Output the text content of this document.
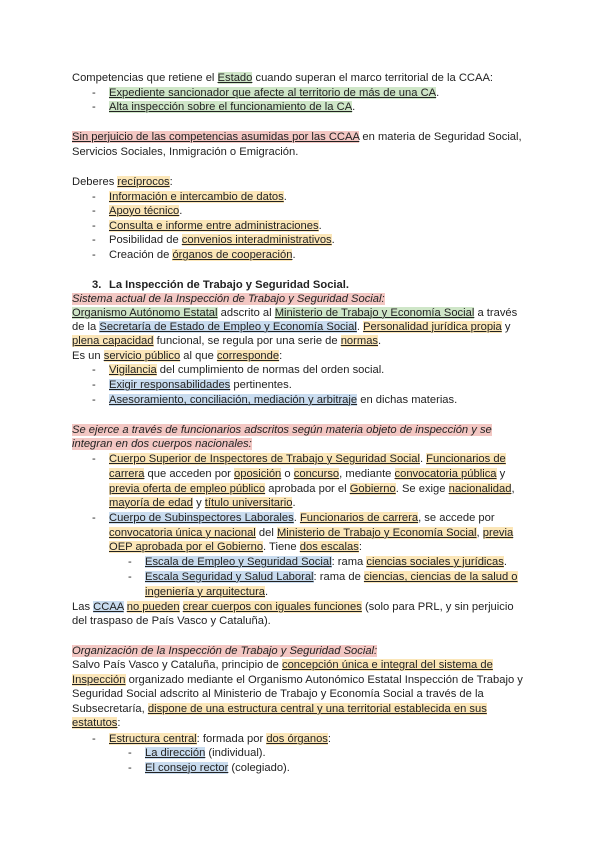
Competencias que retiene el Estado cuando superan el marco territorial de la CCAA:
- Expediente sancionador que afecte al territorio de más de una CA.
- Alta inspección sobre el funcionamiento de la CA.
Sin perjuicio de las competencias asumidas por las CCAA en materia de Seguridad Social,
Servicios Sociales, Inmigración o Emigración.
Deberes recíprocos:
- Información e intercambio de datos.
- Apoyo técnico.
- Consulta e informe entre administraciones.
- Posibilidad de convenios interadministrativos.
- Creación de órganos de cooperación.
3. La Inspección de Trabajo y Seguridad Social.
Sistema actual de la Inspección de Trabajo y Seguridad Social:
Organismo Autónomo Estatal adscrito al Ministerio de Trabajo y Economía Social a través
de la Secretaría de Estado de Empleo y Economía Social. Personalidad jurídica propia y
plena capacidad funcional, se regula por una serie de normas.
Es un servicio público al que corresponde:
- Vigilancia del cumplimiento de normas del orden social.
- Exigir responsabilidades pertinentes.
- Asesoramiento, conciliación, mediación y arbitraje en dichas materias.
Se ejerce a través de funcionarios adscritos según materia objeto de inspección y se
integran en dos cuerpos nacionales:
- Cuerpo Superior de Inspectores de Trabajo y Seguridad Social. Funcionarios de
carrera que acceden por oposición o concurso, mediante convocatoria pública y
previa oferta de empleo público aprobada por el Gobierno. Se exige nacionalidad,
mayoría de edad y título universitario.
- Cuerpo de Subinspectores Laborales. Funcionarios de carrera, se accede por
convocatoria única y nacional del Ministerio de Trabajo y Economía Social, previa
OEP aprobada por el Gobierno. Tiene dos escalas:
- Escala de Empleo y Seguridad Social: rama ciencias sociales y jurídicas.
- Escala Seguridad y Salud Laboral: rama de ciencias, ciencias de la salud o
ingeniería y arquitectura.
Las CCAA no pueden crear cuerpos con iguales funciones (solo para PRL, y sin perjuicio
del traspaso de País Vasco y Cataluña).
Organización de la Inspección de Trabajo y Seguridad Social:
Salvo País Vasco y Cataluña, principio de concepción única e integral del sistema de
Inspección organizado mediante el Organismo Autonómico Estatal Inspección de Trabajo y
Seguridad Social adscrito al Ministerio de Trabajo y Economía Social a través de la
Subsecretaría, dispone de una estructura central y una territorial establecida en sus
estatutos:
- Estructura central: formada por dos órganos:
- La dirección (individual).
- El consejo rector (colegiado).
